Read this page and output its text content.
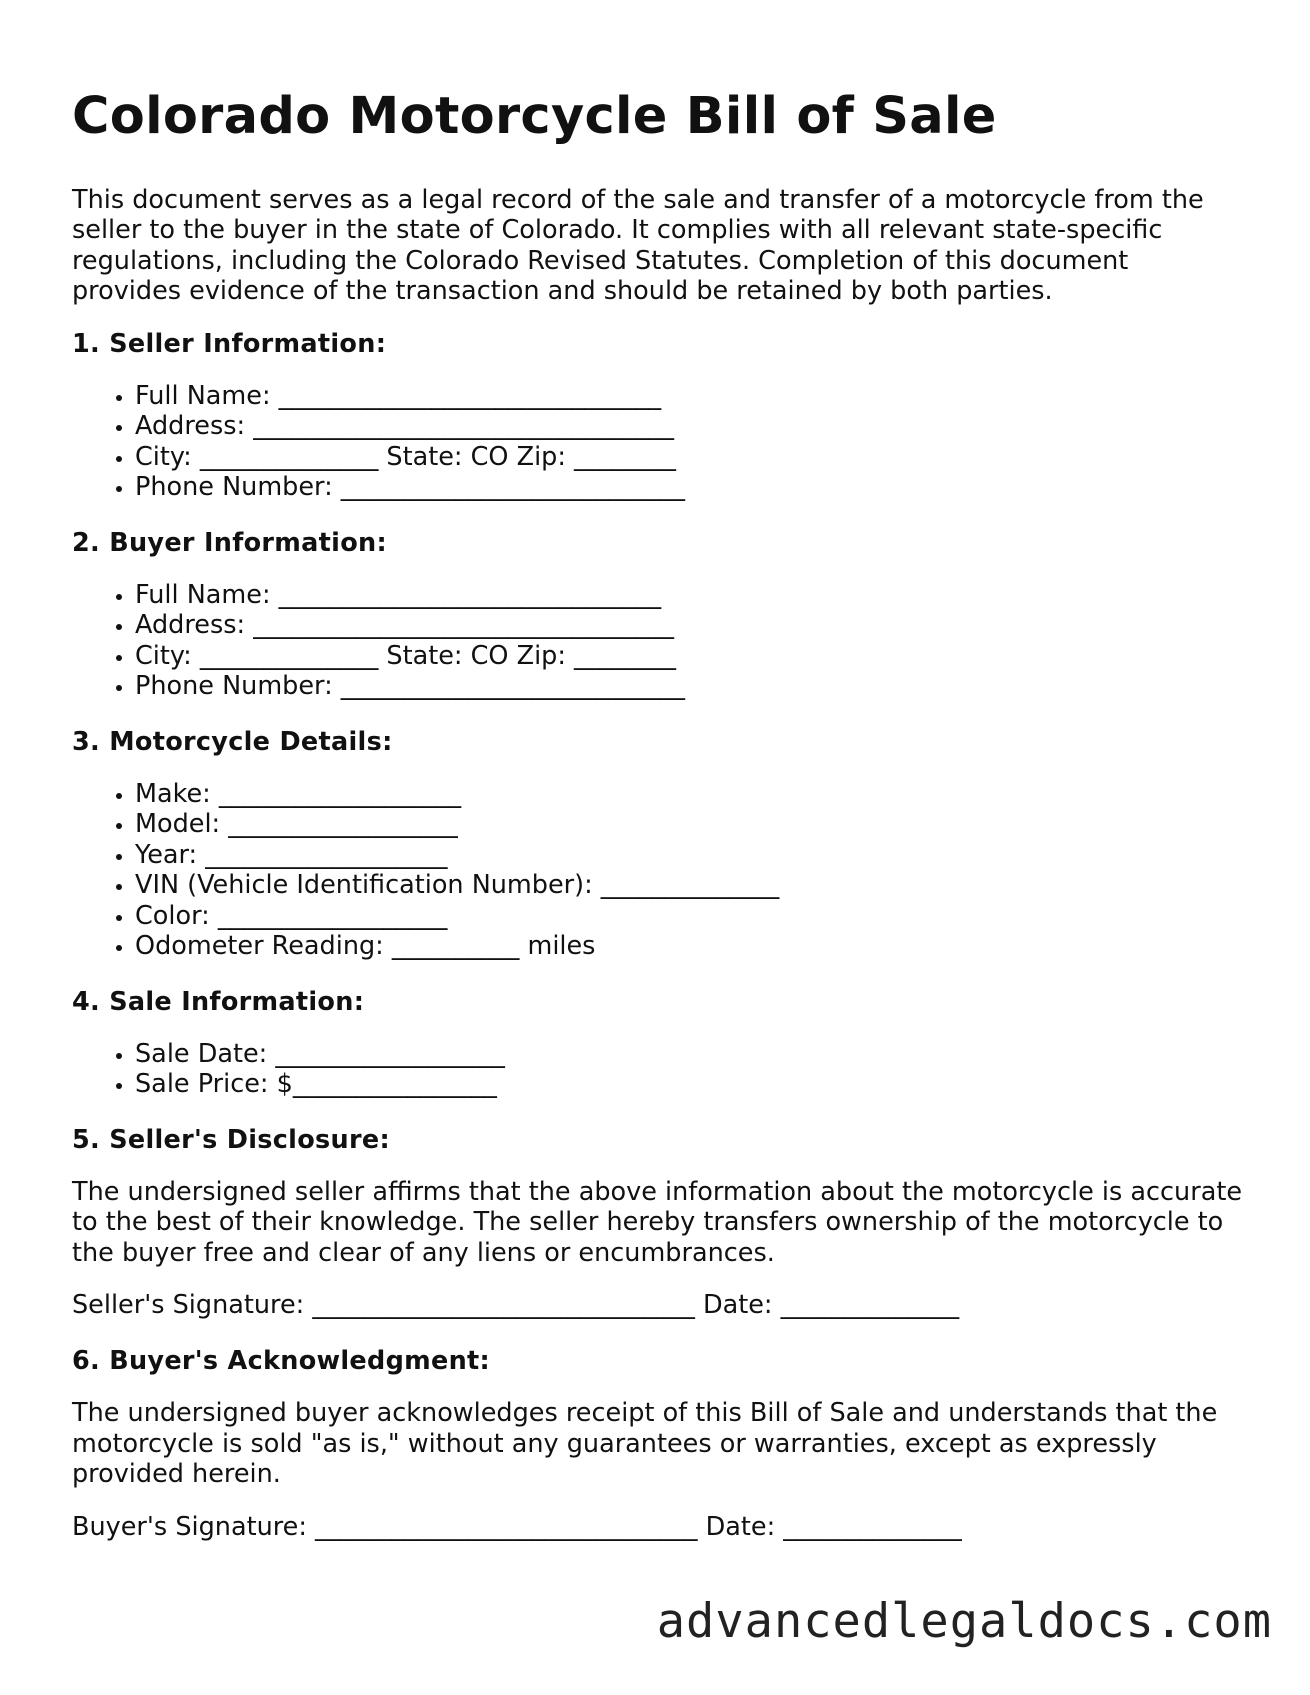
Colorado Motorcycle Bill of Sale

This document serves as a legal record of the sale and transfer of a motorcycle from the seller to the buyer in the state of Colorado. It complies with all relevant state-specific regulations, including the Colorado Revised Statutes. Completion of this document provides evidence of the transaction and should be retained by both parties.

1. Seller Information:
• Full Name: ______________________________
• Address: _________________________________
• City: ______________ State: CO Zip: ________
• Phone Number: ___________________________
2. Buyer Information:
• Full Name: ______________________________
• Address: _________________________________
• City: ______________ State: CO Zip: ________
• Phone Number: ___________________________
3. Motorcycle Details:
• Make: ___________________
• Model: __________________
• Year: ___________________
• VIN (Vehicle Identification Number): ______________
• Color: __________________
• Odometer Reading: __________ miles
4. Sale Information:
• Sale Date: __________________
• Sale Price: $________________
5. Seller's Disclosure:

The undersigned seller affirms that the above information about the motorcycle is accurate to the best of their knowledge. The seller hereby transfers ownership of the motorcycle to the buyer free and clear of any liens or encumbrances.

Seller's Signature: ______________________________ Date: ______________
6. Buyer's Acknowledgment:

The undersigned buyer acknowledges receipt of this Bill of Sale and understands that the motorcycle is sold "as is," without any guarantees or warranties, except as expressly provided herein.

Buyer's Signature: ______________________________ Date: ______________
advancedlegaldocs.com
